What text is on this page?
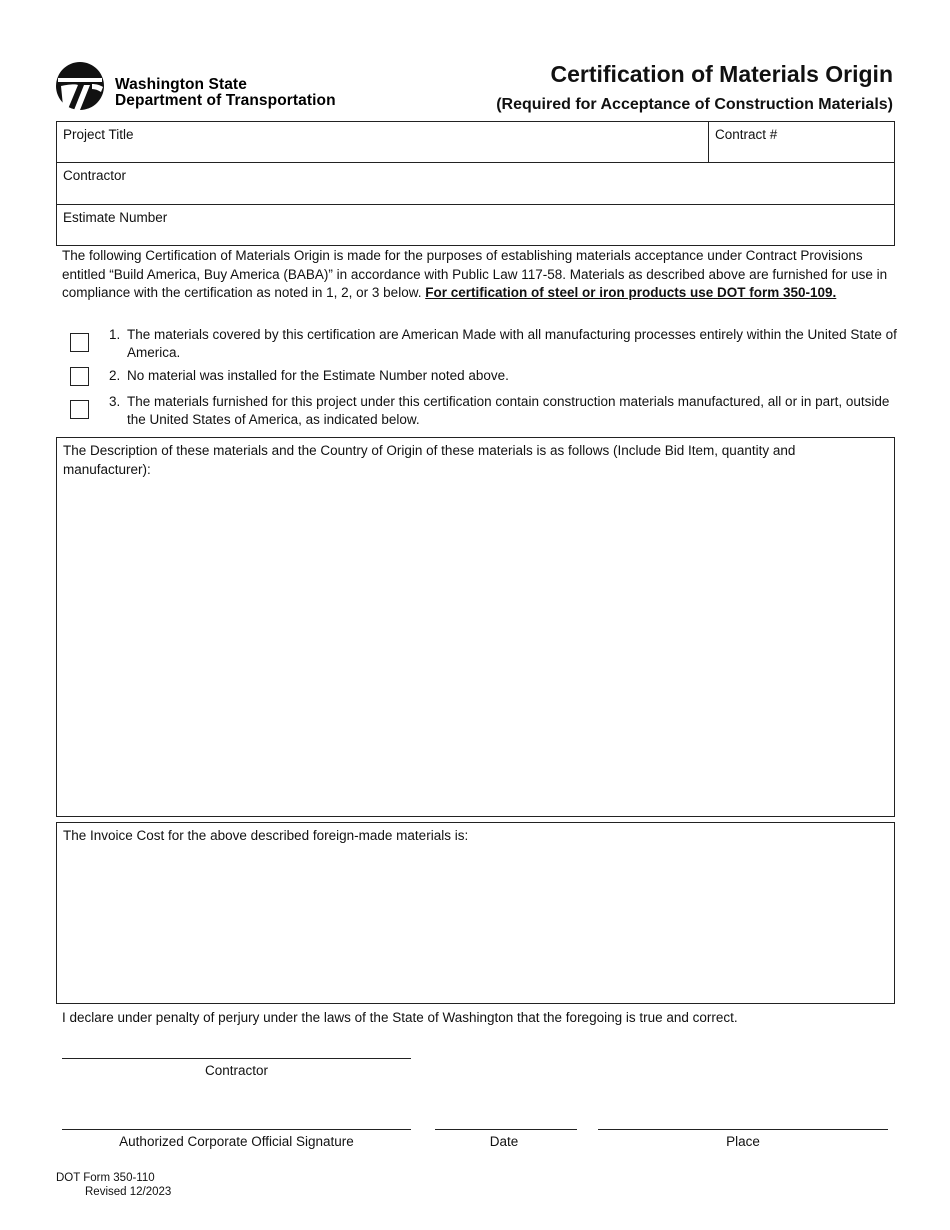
Washington State
Department of Transportation
Certification of Materials Origin
(Required for Acceptance of Construction Materials)
Project Title	Contract #
Contractor
Estimate Number
The following Certification of Materials Origin is made for the purposes of establishing materials acceptance under Contract Provisions entitled “Build America, Buy America (BABA)” in accordance with Public Law 117-58. Materials as described above are furnished for use in compliance with the certification as noted in 1, 2, or 3 below. For certification of steel or iron products use DOT form 350-109.
1. The materials covered by this certification are American Made with all manufacturing processes entirely within the United State of America.
2. No material was installed for the Estimate Number noted above.
3. The materials furnished for this project under this certification contain construction materials manufactured, all or in part, outside the United States of America, as indicated below.
The Description of these materials and the Country of Origin of these materials is as follows (Include Bid Item, quantity and manufacturer):
The Invoice Cost for the above described foreign-made materials is:
I declare under penalty of perjury under the laws of the State of Washington that the foregoing is true and correct.
Contractor
Authorized Corporate Official Signature	Date	Place
DOT Form 350-110
Revised 12/2023
